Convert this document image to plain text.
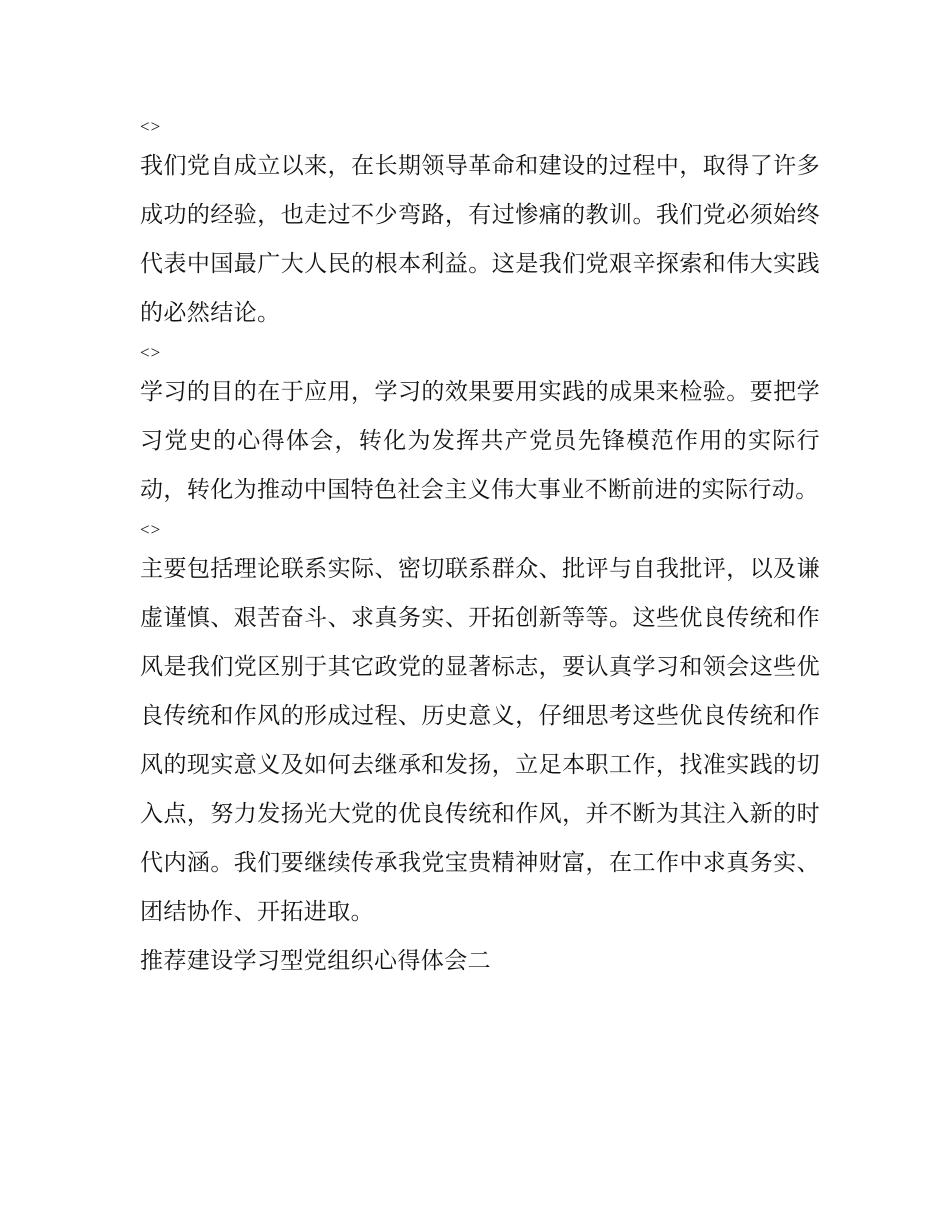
<>

我们党自成立以来，在长期领导革命和建设的过程中，取得了许多成功的经验，也走过不少弯路，有过惨痛的教训。我们党必须始终代表中国最广大人民的根本利益。这是我们党艰辛探索和伟大实践的必然结论。

<>

学习的目的在于应用，学习的效果要用实践的成果来检验。要把学习党史的心得体会，转化为发挥共产党员先锋模范作用的实际行动，转化为推动中国特色社会主义伟大事业不断前进的实际行动。

<>

主要包括理论联系实际、密切联系群众、批评与自我批评，以及谦虚谨慎、艰苦奋斗、求真务实、开拓创新等等。这些优良传统和作风是我们党区别于其它政党的显著标志，要认真学习和领会这些优良传统和作风的形成过程、历史意义，仔细思考这些优良传统和作风的现实意义及如何去继承和发扬，立足本职工作，找准实践的切入点，努力发扬光大党的优良传统和作风，并不断为其注入新的时代内涵。我们要继续传承我党宝贵精神财富，在工作中求真务实、团结协作、开拓进取。

推荐建设学习型党组织心得体会二
